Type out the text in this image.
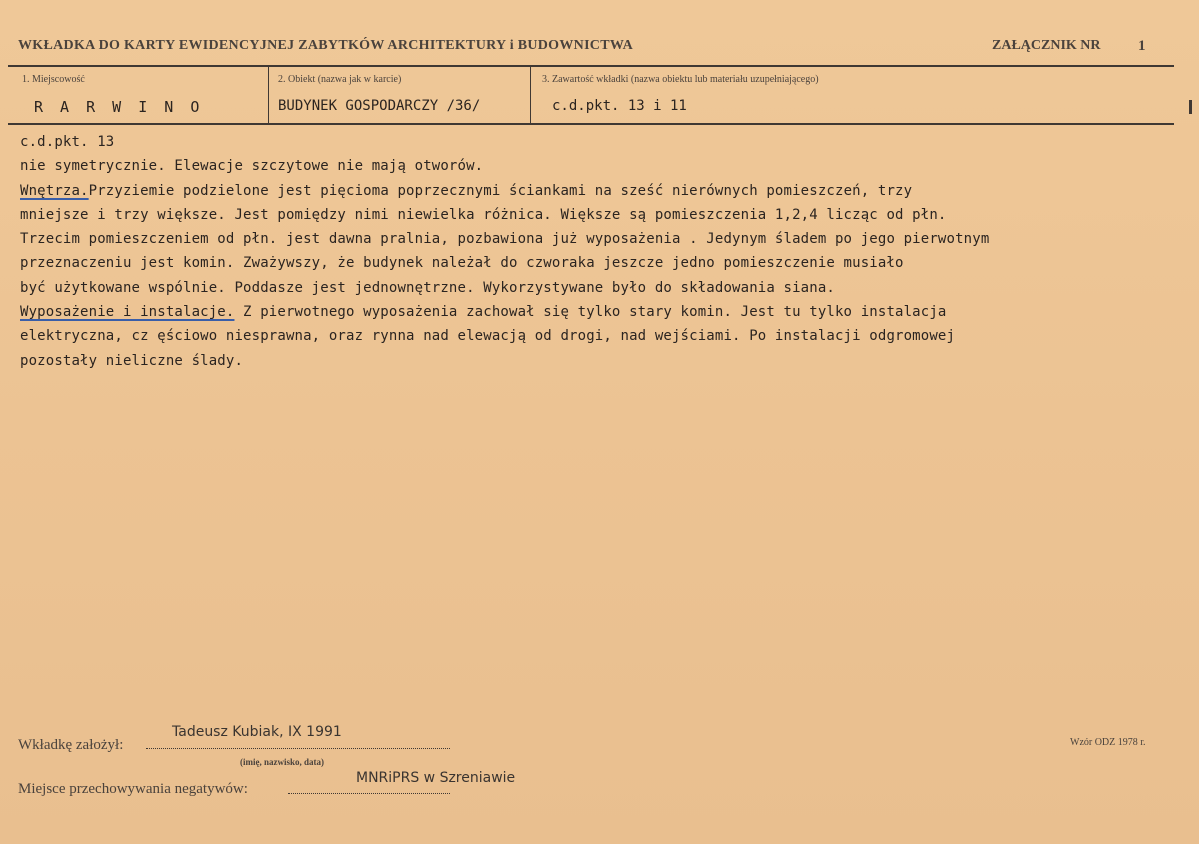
WKŁADKA DO KARTY EWIDENCYJNEJ ZABYTKÓW ARCHITEKTURY i BUDOWNICTWA	ZAŁĄCZNIK NR 1
1. Miejscowość
R A R W I N O
2. Obiekt (nazwa jak w karcie)
BUDYNEK GOSPODARCZY /36/
3. Zawartość wkładki (nazwa obiektu lub materiału uzupełniającego)
c.d.pkt. 13 i 11
c.d.pkt. 13
nie symetrycznie. Elewacje szczytowe nie mają otworów.
Wnętrza.Przyziemie podzielone jest pięcioma poprzecznymi ściankami na sześć nierównych pomieszczeń, trzy
mniejsze i trzy większe. Jest pomiędzy nimi niewielka różnica. Większe są pomieszczenia 1,2,4 licząc od płn.
Trzecim pomieszczeniem od płn. jest dawna pralnia, pozbawiona już wyposażenia . Jedynym śladem po jego pierwotnym
przeznaczeniu jest komin. Zważywszy, że budynek należał do czworaka jeszcze jedno pomieszczenie musiało
być użytkowane wspólnie. Poddasze jest jednownętrzne. Wykorzystywane było do składowania siana.
Wyposażenie i instalacje. Z pierwotnego wyposażenia zachował się tylko stary komin. Jest tu tylko instalacja
elektryczna, cz ęściowo niesprawna, oraz rynna nad elewacją od drogi, nad wejściami. Po instalacji odgromowej
pozostały nieliczne ślady.
Wkładkę założył:
Tadeusz Kubiak, IX 1991
(imię, nazwisko, data)
Miejsce przechowywania negatywów:
MNRiPRS w Szreniawie
Wzór ODZ 1978 r.
